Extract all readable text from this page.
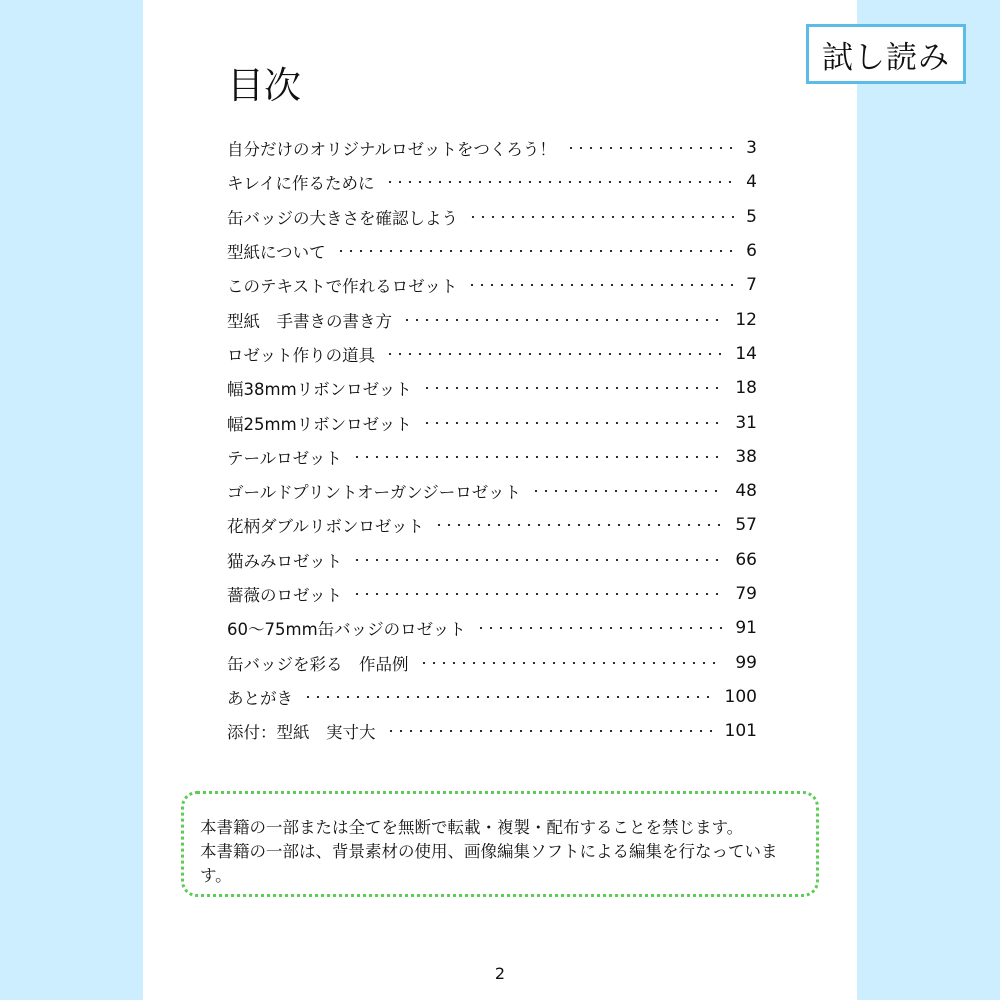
試し読み
目次
自分だけのオリジナルロゼットをつくろう！	3
キレイに作るために	4
缶バッジの大きさを確認しよう	5
型紙について	6
このテキストで作れるロゼット	7
型紙　手書きの書き方	12
ロゼット作りの道具	14
幅38mmリボンロゼット	18
幅25mmリボンロゼット	31
テールロゼット	38
ゴールドプリントオーガンジーロゼット	48
花柄ダブルリボンロゼット	57
猫みみロゼット	66
薔薇のロゼット	79
60〜75mm缶バッジのロゼット	91
缶バッジを彩る　作品例	99
あとがき	100
添付：型紙　実寸大	101

本書籍の一部または全てを無断で転載・複製・配布することを禁じます。

本書籍の一部は、背景素材の使用、画像編集ソフトによる編集を行なっています。

2
